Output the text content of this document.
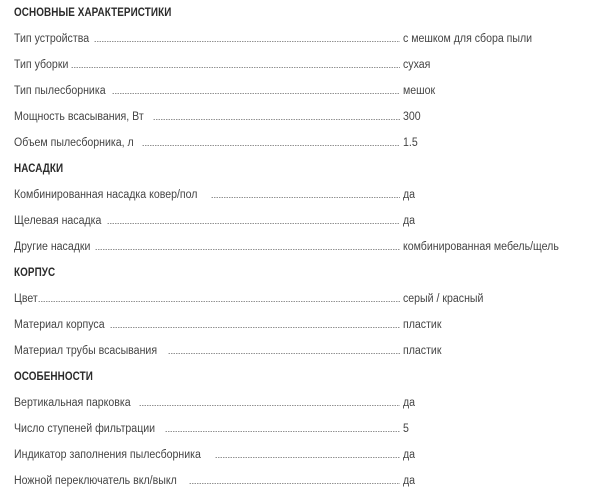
ОСНОВНЫЕ ХАРАКТЕРИСТИКИ
Тип устройства	с мешком для сбора пыли
Тип уборки	сухая
Тип пылесборника	мешок
Мощность всасывания, Вт	300
Объем пылесборника, л	1.5
НАСАДКИ
Комбинированная насадка ковер/пол	да
Щелевая насадка	да
Другие насадки	комбинированная мебель/щель
КОРПУС
Цвет	серый / красный
Материал корпуса	пластик
Материал трубы всасывания	пластик
ОСОБЕННОСТИ
Вертикальная парковка	да
Число ступеней фильтрации	5
Индикатор заполнения пылесборника	да
Ножной переключатель вкл/выкл	да
